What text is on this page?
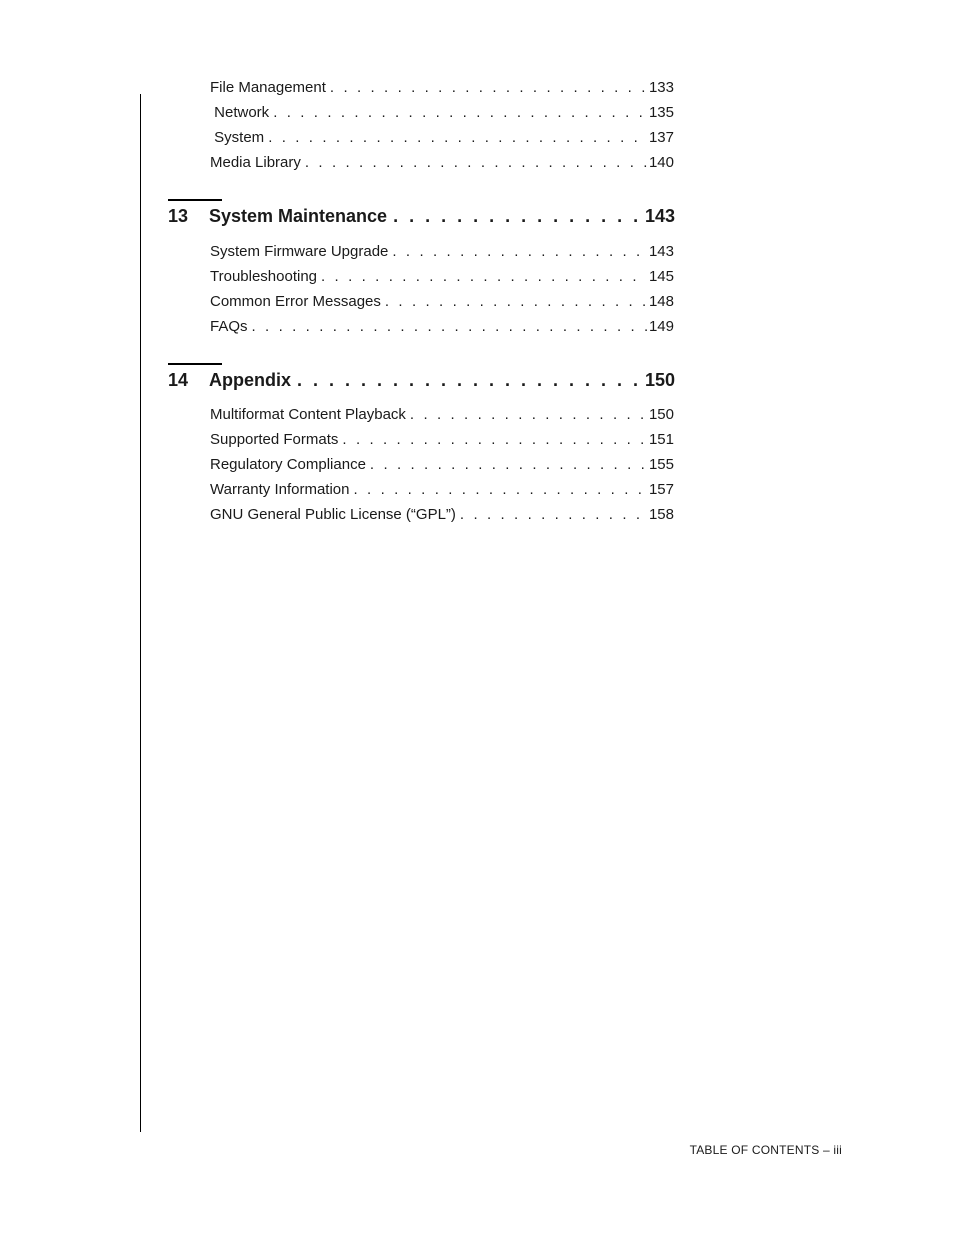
File Management . . .	133
Network . . .	135
System . . .	137
Media Library . . .	140
13	System Maintenance . . .	143
System Firmware Upgrade . . .	143
Troubleshooting . . .	145
Common Error Messages . . .	148
FAQs . . .	149
14	Appendix . . .	150
Multiformat Content Playback . . .	150
Supported Formats . . .	151
Regulatory Compliance . . .	155
Warranty Information . . .	157
GNU General Public License (“GPL”) . . .	158
TABLE OF CONTENTS – iii
